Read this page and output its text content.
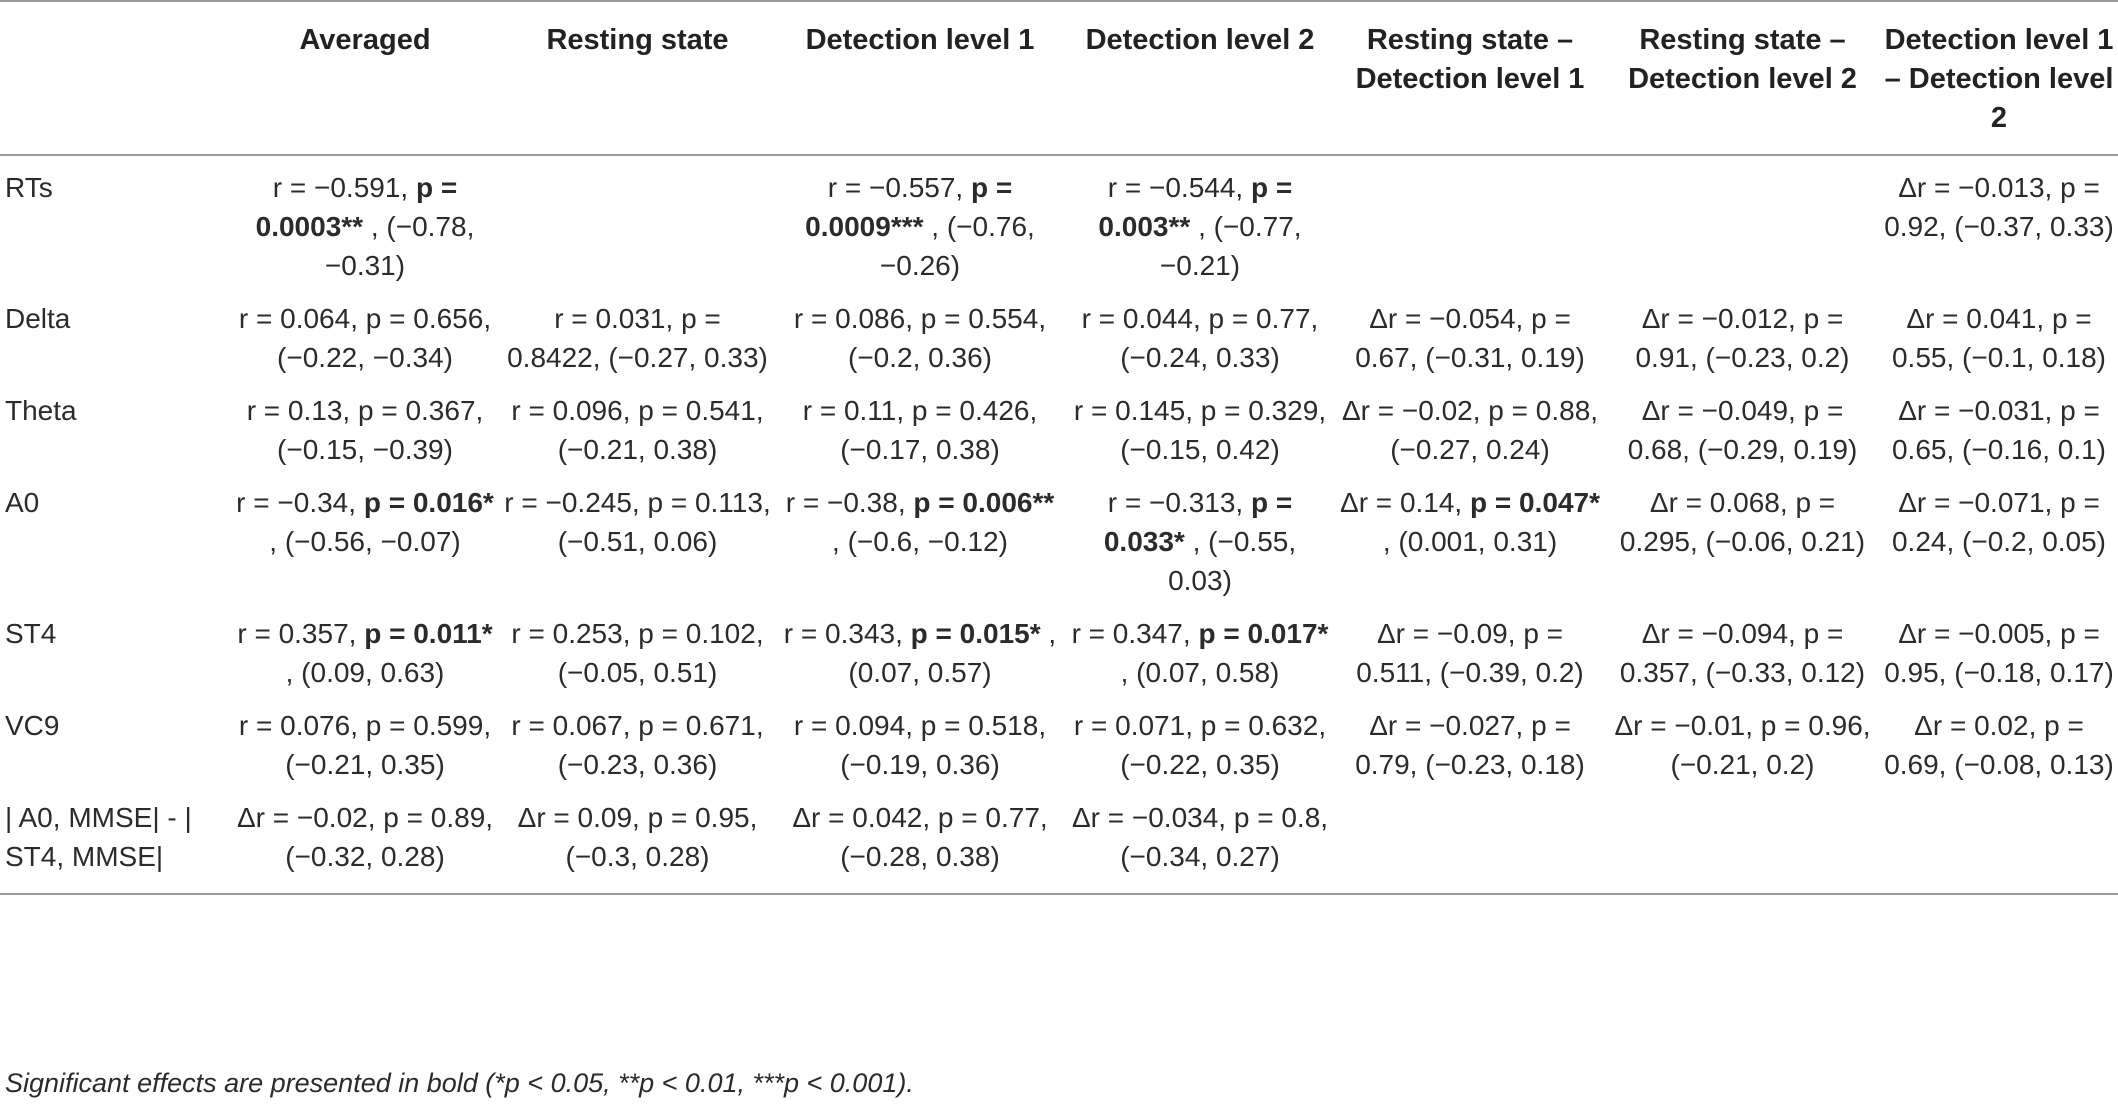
	Averaged	Resting state	Detection level 1	Detection level 2	Resting state – Detection level 1	Resting state – Detection level 2	Detection level 1 – Detection level 2
RTs	r = −0.591, p = 0.0003** , (−0.78, −0.31)		r = −0.557, p = 0.0009*** , (−0.76, −0.26)	r = −0.544, p = 0.003** , (−0.77, −0.21)			Δr = −0.013, p = 0.92, (−0.37, 0.33)
Delta	r = 0.064, p = 0.656, (−0.22, −0.34)	r = 0.031, p = 0.8422, (−0.27, 0.33)	r = 0.086, p = 0.554, (−0.2, 0.36)	r = 0.044, p = 0.77, (−0.24, 0.33)	Δr = −0.054, p = 0.67, (−0.31, 0.19)	Δr = −0.012, p = 0.91, (−0.23, 0.2)	Δr = 0.041, p = 0.55, (−0.1, 0.18)
Theta	r = 0.13, p = 0.367, (−0.15, −0.39)	r = 0.096, p = 0.541, (−0.21, 0.38)	r = 0.11, p = 0.426, (−0.17, 0.38)	r = 0.145, p = 0.329, (−0.15, 0.42)	Δr = −0.02, p = 0.88, (−0.27, 0.24)	Δr = −0.049, p = 0.68, (−0.29, 0.19)	Δr = −0.031, p = 0.65, (−0.16, 0.1)
A0	r = −0.34, p = 0.016* , (−0.56, −0.07)	r = −0.245, p = 0.113, (−0.51, 0.06)	r = −0.38, p = 0.006** , (−0.6, −0.12)	r = −0.313, p = 0.033* , (−0.55, 0.03)	Δr = 0.14, p = 0.047* , (0.001, 0.31)	Δr = 0.068, p = 0.295, (−0.06, 0.21)	Δr = −0.071, p = 0.24, (−0.2, 0.05)
ST4	r = 0.357, p = 0.011* , (0.09, 0.63)	r = 0.253, p = 0.102, (−0.05, 0.51)	r = 0.343, p = 0.015* , (0.07, 0.57)	r = 0.347, p = 0.017* , (0.07, 0.58)	Δr = −0.09, p = 0.511, (−0.39, 0.2)	Δr = −0.094, p = 0.357, (−0.33, 0.12)	Δr = −0.005, p = 0.95, (−0.18, 0.17)
VC9	r = 0.076, p = 0.599, (−0.21, 0.35)	r = 0.067, p = 0.671, (−0.23, 0.36)	r = 0.094, p = 0.518, (−0.19, 0.36)	r = 0.071, p = 0.632, (−0.22, 0.35)	Δr = −0.027, p = 0.79, (−0.23, 0.18)	Δr = −0.01, p = 0.96, (−0.21, 0.2)	Δr = 0.02, p = 0.69, (−0.08, 0.13)
| A0, MMSE| - | ST4, MMSE|	Δr = −0.02, p = 0.89, (−0.32, 0.28)	Δr = 0.09, p = 0.95, (−0.3, 0.28)	Δr = 0.042, p = 0.77, (−0.28, 0.38)	Δr = −0.034, p = 0.8, (−0.34, 0.27)			
Significant effects are presented in bold (*p < 0.05, **p < 0.01, ***p < 0.001).
